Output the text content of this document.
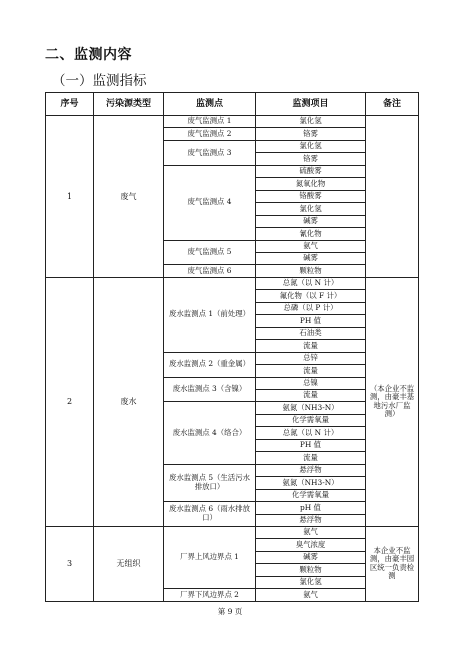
二、监测内容
（一）监测指标
序号	污染源类型	监测点	监测项目	备注
1	废气	废气监测点 1	氯化氢	
		废气监测点 2	铬雾	
		废气监测点 3	氯化氢	
			铬雾	
		废气监测点 4	硫酸雾	
			氮氧化物	
			铬酸雾	
			氯化氢	
			碱雾	
			氰化物	
		废气监测点 5	氨气	
			碱雾	
		废气监测点 6	颗粒物	
2	废水	废水监测点 1（前处理）	总氮（以 N 计）	（本企业不监测，由豪丰基地污水厂监测）
			氟化物（以 F 计）	
			总磷（以 P 计）	
			PH 值	
			石油类	
			流量	
		废水监测点 2（重金属）	总锌	
			流量	
		废水监测点 3（含镍）	总镍	
			流量	
		废水监测点 4（络合）	氨氮（NH3-N）	
			化学需氧量	
			总氮（以 N 计）	
			PH 值	
			流量	
		废水监测点 5（生活污水排放口）	悬浮物	
			氨氮（NH3-N）	
			化学需氧量	
		废水监测点 6（雨水排放口）	pH 值	
			悬浮物	
3	无组织	厂界上风边界点 1	氨气	本企业不监测，由豪丰园区统一负责检测
			臭气浓度	
			碱雾	
			颗粒物	
			氯化氢	
		厂界下风边界点 2	氨气	
第 9 页
